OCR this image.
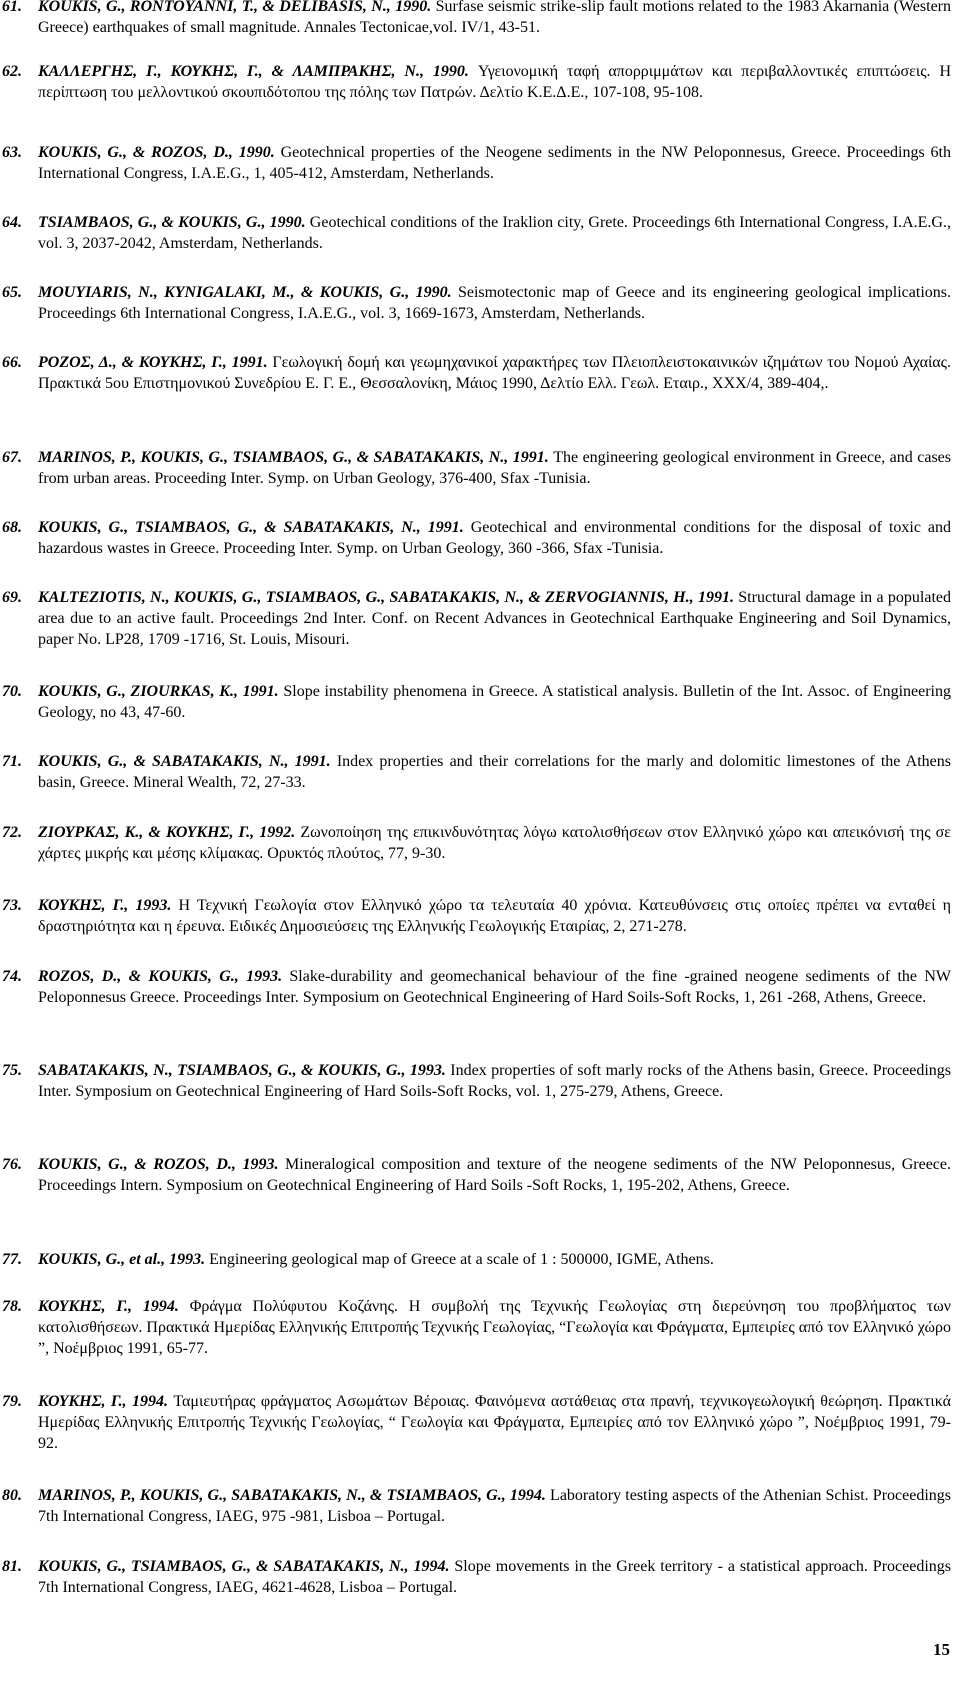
61. KOUKIS, G., RONTOYANNI, T., & DELIBASIS, N., 1990. Surfase seismic strike-slip fault motions related to the 1983 Akarnania (Western Greece) earthquakes of small magnitude. Annales Tectonicae,vol. IV/1, 43-51.
62. ΚΑΛΛΕΡΓΗΣ, Γ., ΚΟΥΚΗΣ, Γ., & ΛΑΜΠΡΑΚΗΣ, Ν., 1990. Υγειονομική ταφή απορριμμάτων και περιβαλλοντικές επιπτώσεις. Η περίπτωση του μελλοντικού σκουπιδότοπου της πόλης των Πατρών. Δελτίο Κ.Ε.Δ.Ε., 107-108, 95-108.
63. KOUKIS, G., & ROZOS, D., 1990. Geotechnical properties of the Neogene sediments in the NW Peloponnesus, Greece. Proceedings 6th International Congress, I.A.E.G., 1, 405-412, Amsterdam, Netherlands.
64. TSIAMBAOS, G., & KOUKIS, G., 1990. Geotechical conditions of the Iraklion city, Grete. Proceedings 6th International Congress, I.A.E.G., vol. 3, 2037-2042, Amsterdam, Netherlands.
65. MOUYIARIS, N., KYNIGALAKI, M., & KOUKIS, G., 1990. Seismotectonic map of Geece and its engineering geological implications. Proceedings 6th International Congress, I.A.E.G., vol. 3, 1669-1673, Amsterdam, Netherlands.
66. ΡΟΖΟΣ, Δ., & ΚΟΥΚΗΣ, Γ., 1991. Γεωλογική δομή και γεωμηχανικοί χαρακτήρες των Πλειοπλειστοκαινικών ιζημάτων του Νομού Αχαίας. Πρακτικά 5ου Επιστημονικού Συνεδρίου Ε. Γ. Ε., Θεσσαλονίκη, Μάιος 1990, Δελτίο Ελλ. Γεωλ. Εταιρ., XXX/4, 389-404,.
67. MARINOS, P., KOUKIS, G., TSIAMBAOS, G., & SABATAKAKIS, N., 1991. The engineering geological environment in Greece, and cases from urban areas. Proceeding Inter. Symp. on Urban Geology, 376-400, Sfax -Tunisia.
68. KOUKIS, G., TSIAMBAOS, G., & SABATAKAKIS, N., 1991. Geotechical and environmental conditions for the disposal of toxic and hazardous wastes in Greece. Proceeding Inter. Symp. on Urban Geology, 360 -366, Sfax -Tunisia.
69. KALTEZIOTIS, N., KOUKIS, G., TSIAMBAOS, G., SABATAKAKIS, N., & ZERVOGIANNIS, H., 1991. Structural damage in a populated area due to an active fault. Proceedings 2nd Inter. Conf. on Recent Advances in Geotechnical Earthquake Engineering and Soil Dynamics, paper No. LP28, 1709 -1716, St. Louis, Misouri.
70. KOUKIS, G., ZIOURKAS, K., 1991. Slope instability phenomena in Greece. A statistical analysis. Bulletin of the Int. Assoc. of Engineering Geology, no 43, 47-60.
71. KOUKIS, G., & SABATAKAKIS, N., 1991. Index properties and their correlations for the marly and dolomitic limestones of the Athens basin, Greece. Mineral Wealth, 72, 27-33.
72. ΖΙΟΥΡΚΑΣ, Κ., & ΚΟΥΚΗΣ, Γ., 1992. Ζωνοποίηση της επικινδυνότητας λόγω κατολισθήσεων στον Ελληνικό χώρο και απεικόνισή της σε χάρτες μικρής και μέσης κλίμακας. Ορυκτός πλούτος, 77, 9-30.
73. ΚΟΥΚΗΣ, Γ., 1993. Η Τεχνική Γεωλογία στον Ελληνικό χώρο τα τελευταία 40 χρόνια. Κατευθύνσεις στις οποίες πρέπει να ενταθεί η δραστηριότητα και η έρευνα. Ειδικές Δημοσιεύσεις της Ελληνικής Γεωλογικής Εταιρίας, 2, 271-278.
74. ROZOS, D., & KOUKIS, G., 1993. Slake-durability and geomechanical behaviour of the fine -grained neogene sediments of the NW Peloponnesus Greece. Proceedings Inter. Symposium on Geotechnical Engineering of Hard Soils-Soft Rocks, 1, 261 -268, Athens, Greece.
75. SABATAKAKIS, N., TSIAMBAOS, G., & KOUKIS, G., 1993. Index properties of soft marly rocks of the Athens basin, Greece. Proceedings Inter. Symposium on Geotechnical Engineering of Hard Soils-Soft Rocks, vol. 1, 275-279, Athens, Greece.
76. KOUKIS, G., & ROZOS, D., 1993. Mineralogical composition and texture of the neogene sediments of the NW Peloponnesus, Greece. Proceedings Intern. Symposium on Geotechnical Engineering of Hard Soils -Soft Rocks, 1, 195-202, Athens, Greece.
77. KOUKIS, G., et al., 1993. Engineering geological map of Greece at a scale of 1 : 500000, IGME, Athens.
78. ΚΟΥΚΗΣ, Γ., 1994. Φράγμα Πολύφυτου Κοζάνης. Η συμβολή της Τεχνικής Γεωλογίας στη διερεύνηση του προβλήματος των κατολισθήσεων. Πρακτικά Ημερίδας Ελληνικής Επιτροπής Τεχνικής Γεωλογίας, “Γεωλογία και Φράγματα, Εμπειρίες από τον Ελληνικό χώρο ”, Νοέμβριος 1991, 65-77.
79. ΚΟΥΚΗΣ, Γ., 1994. Ταμιευτήρας φράγματος Ασωμάτων Βέροιας. Φαινόμενα αστάθειας στα πρανή, τεχνικογεωλογική θεώρηση. Πρακτικά Ημερίδας Ελληνικής Επιτροπής Τεχνικής Γεωλογίας, “ Γεωλογία και Φράγματα, Εμπειρίες από τον Ελληνικό χώρο ”, Νοέμβριος 1991, 79-92.
80. MARINOS, P., KOUKIS, G., SABATAKAKIS, N., & TSIAMBAOS, G., 1994. Laboratory testing aspects of the Athenian Schist. Proceedings 7th International Congress, IAEG, 975 -981, Lisboa – Portugal.
81. KOUKIS, G., TSIAMBAOS, G., & SABATAKAKIS, N., 1994. Slope movements in the Greek territory - a statistical approach. Proceedings 7th International Congress, IAEG, 4621-4628, Lisboa – Portugal.
15
